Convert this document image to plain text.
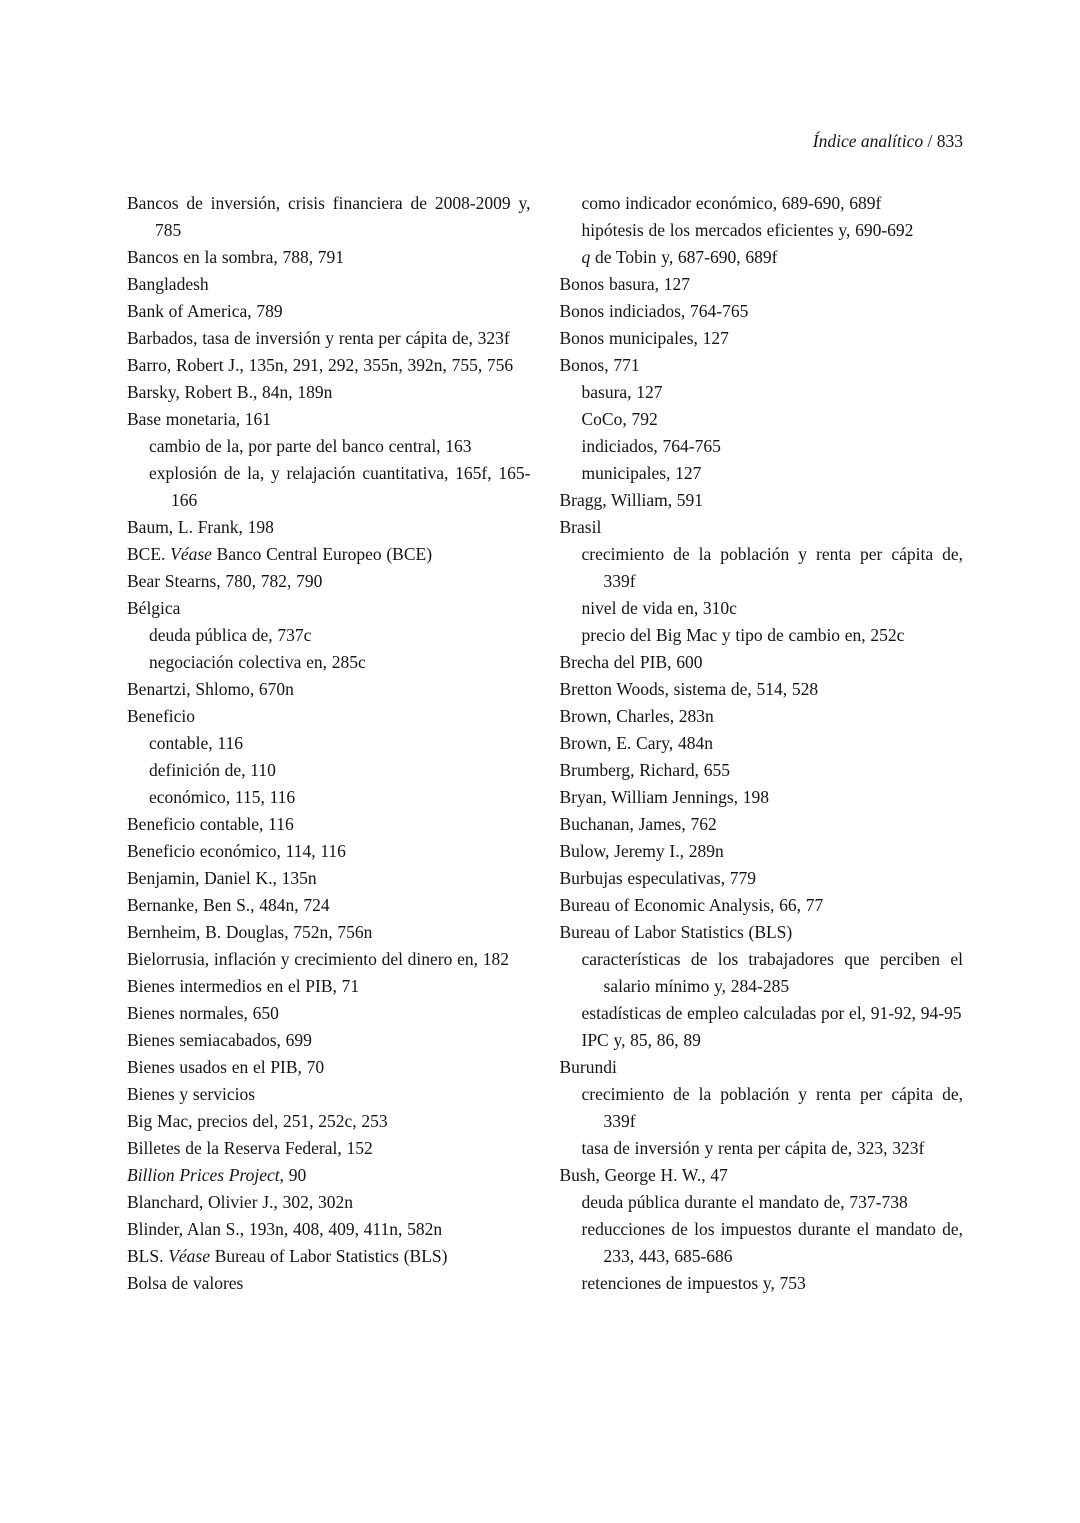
Índice analítico / 833
Bancos de inversión, crisis financiera de 2008-2009 y, 785
Bancos en la sombra, 788, 791
Bangladesh
Bank of America, 789
Barbados, tasa de inversión y renta per cápita de, 323f
Barro, Robert J., 135n, 291, 292, 355n, 392n, 755, 756
Barsky, Robert B., 84n, 189n
Base monetaria, 161
cambio de la, por parte del banco central, 163
explosión de la, y relajación cuantitativa, 165f, 165-166
Baum, L. Frank, 198
BCE. Véase Banco Central Europeo (BCE)
Bear Stearns, 780, 782, 790
Bélgica
deuda pública de, 737c
negociación colectiva en, 285c
Benartzi, Shlomo, 670n
Beneficio
contable, 116
definición de, 110
económico, 115, 116
Beneficio contable, 116
Beneficio económico, 114, 116
Benjamin, Daniel K., 135n
Bernanke, Ben S., 484n, 724
Bernheim, B. Douglas, 752n, 756n
Bielorrusia, inflación y crecimiento del dinero en, 182
Bienes intermedios en el PIB, 71
Bienes normales, 650
Bienes semiacabados, 699
Bienes usados en el PIB, 70
Bienes y servicios
Big Mac, precios del, 251, 252c, 253
Billetes de la Reserva Federal, 152
Billion Prices Project, 90
Blanchard, Olivier J., 302, 302n
Blinder, Alan S., 193n, 408, 409, 411n, 582n
BLS. Véase Bureau of Labor Statistics (BLS)
Bolsa de valores
como indicador económico, 689-690, 689f
hipótesis de los mercados eficientes y, 690-692
q de Tobin y, 687-690, 689f
Bonos basura, 127
Bonos indiciados, 764-765
Bonos municipales, 127
Bonos, 771
basura, 127
CoCo, 792
indiciados, 764-765
municipales, 127
Bragg, William, 591
Brasil
crecimiento de la población y renta per cápita de, 339f
nivel de vida en, 310c
precio del Big Mac y tipo de cambio en, 252c
Brecha del PIB, 600
Bretton Woods, sistema de, 514, 528
Brown, Charles, 283n
Brown, E. Cary, 484n
Brumberg, Richard, 655
Bryan, William Jennings, 198
Buchanan, James, 762
Bulow, Jeremy I., 289n
Burbujas especulativas, 779
Bureau of Economic Analysis, 66, 77
Bureau of Labor Statistics (BLS)
características de los trabajadores que perciben el salario mínimo y, 284-285
estadísticas de empleo calculadas por el, 91-92, 94-95
IPC y, 85, 86, 89
Burundi
crecimiento de la población y renta per cápita de, 339f
tasa de inversión y renta per cápita de, 323, 323f
Bush, George H. W., 47
deuda pública durante el mandato de, 737-738
reducciones de los impuestos durante el mandato de, 233, 443, 685-686
retenciones de impuestos y, 753
